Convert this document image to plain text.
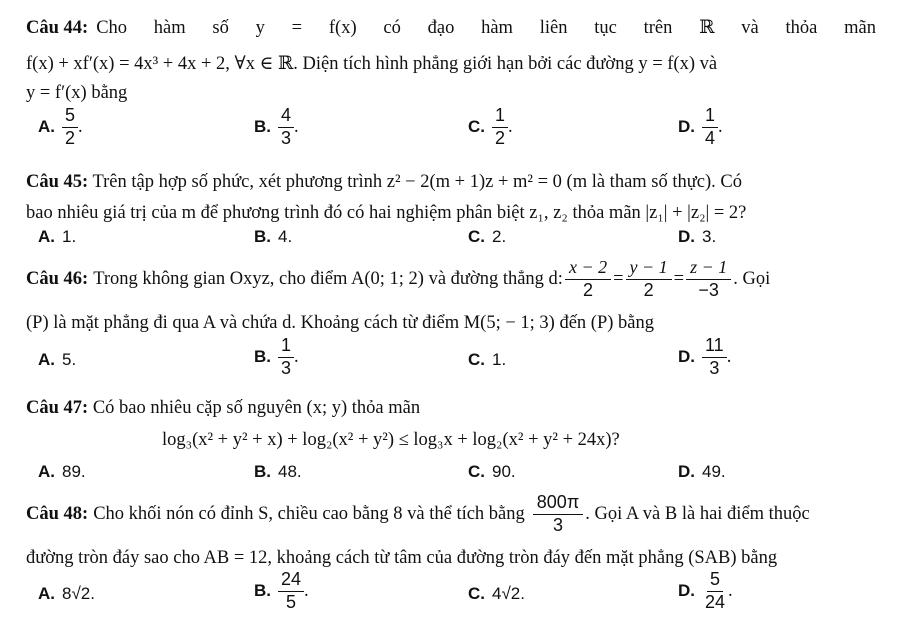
Câu 44: Cho hàm số y = f(x) có đạo hàm liên tục trên ℝ và thỏa mãn
f(x) + xf′(x) = 4x³ + 4x + 2, ∀x ∈ ℝ. Diện tích hình phẳng giới hạn bởi các đường y = f(x) và
y = f′(x) bằng
A. $\frac{5}{2}$ .	B. $\frac{4}{3}$ .	C. $\frac{1}{2}$ .	D. $\frac{1}{4}$ .
Câu 45: Trên tập hợp số phức, xét phương trình z² − 2(m + 1)z + m² = 0 (m là tham số thực). Có
bao nhiêu giá trị của m để phương trình đó có hai nghiệm phân biệt z₁, z₂ thỏa mãn |z₁| + |z₂| = 2?
A. 1.	B. 4.	C. 2.	D. 3.
Câu 46: Trong không gian Oxyz, cho điểm A(0; 1; 2) và đường thẳng d: $\frac{x - 2}{2} = \frac{y - 1}{2} = \frac{z - 1}{-3}$ . Gọi
(P) là mặt phẳng đi qua A và chứa d. Khoảng cách từ điểm M(5; − 1; 3) đến (P) bằng
A. 5.	B. $\frac{1}{3}$ .	C. 1.	D. $\frac{11}{3}$ .
Câu 47: Có bao nhiêu cặp số nguyên (x; y) thỏa mãn
log₃(x² + y² + x) + log₂(x² + y²) ≤ log₃x + log₂(x² + y² + 24x)?
A. 89.	B. 48.	C. 90.	D. 49.
Câu 48: Cho khối nón có đỉnh S, chiều cao bằng 8 và thể tích bằng $\frac{800\pi}{3}$ . Gọi A và B là hai điểm thuộc
đường tròn đáy sao cho AB = 12, khoảng cách từ tâm của đường tròn đáy đến mặt phẳng (SAB) bằng
A. 8√2.	B. $\frac{24}{5}$ .	C. 4√2.	D. $\frac{5}{24}$ .
